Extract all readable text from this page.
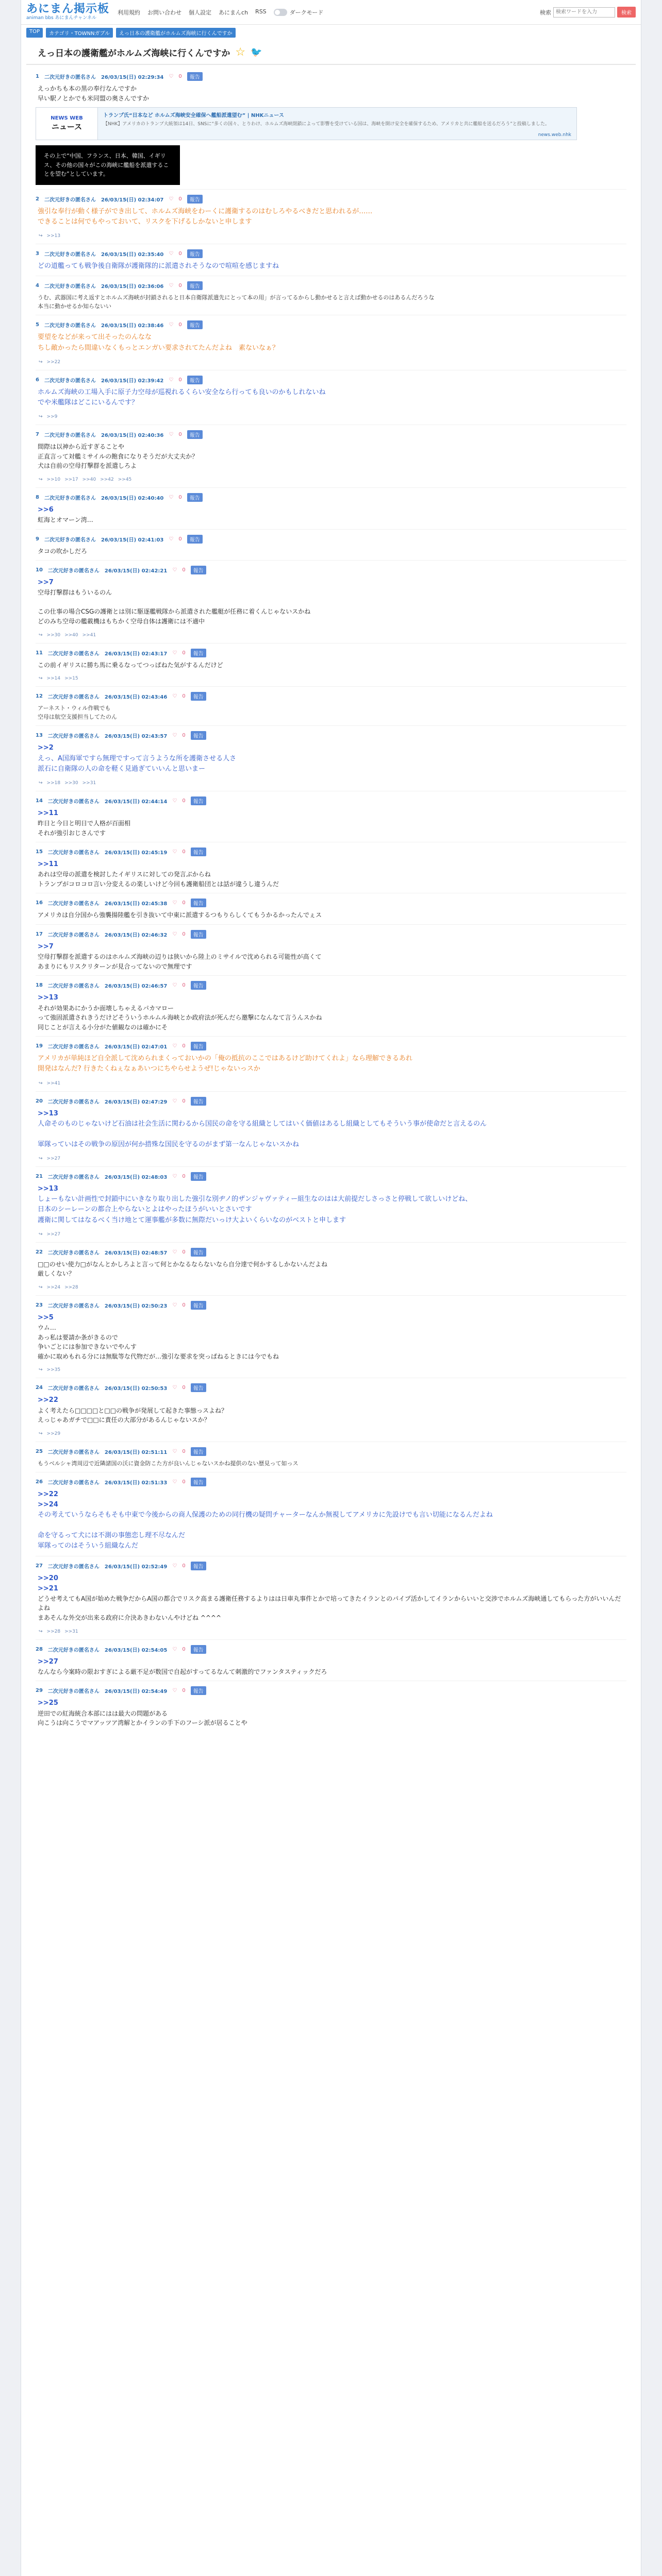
あにまん掲示板
animan bbs あにまんチャンネル
利用規約 お問い合わせ 個人設定 あにまんch RSS	ダークモード	検索
検索ワードを入力	検索
TOP	カテゴリ・TOWNNガブル	えっ日本の護衛艦がホルムズ海峡に行くんですか
えっ日本の護衛艦がホルムズ海峡に行くんですか ☆ 🐦
1 二次元好きの匿名さん 26/03/15(日) 02:29:34 ♡ 0	報告
えっかちも本の黒の奉行なんですか
早い駅ノとかでも米同盟の奥さんですか
NEWS WEB
ニュース
トランプ氏“日本など ホルムズ海峡安全確保へ艦船派遣望む” | NHKニュース
【NHK】アメリカのトランプ大統領は14日、SNSに“多くの国々、とりわけ、ホルムズ海峡閉鎖によって影響を受けている国は、海峡を開け安全を確保するため、アメリカと共に艦船を送るだろう”と投稿しました。
news.web.nhk
その上で“中国、フランス、日本、韓国、イギリス、その他の国々がこの海峡に艦船を派遣することを望む”としています。
2 二次元好きの匿名さん 26/03/15(日) 02:34:07 ♡ 0	報告
強引な奉行が動く様子ができ出して、ホルムズ海峡をわーくに護衛するのはむしろやるべきだと思われるが……
できることは何でもやっておいて、リスクを下げるしかないと申します
↪ >>13
3 二次元好きの匿名さん 26/03/15(日) 02:35:40 ♡ 0	報告
どの道艦っても戦争後自衛隊が護衛隊的に派遣されそうなので喧喧を感じますね
4 二次元好きの匿名さん 26/03/15(日) 02:36:06 ♡ 0	報告
うむ、武器国に考え返すとホルムズ海峡が封鎖されると日本自衛隊派遣先にとって本の用」が言ってるからし動かせると言えば動かせるのはあるんだろうな
本当に動かせるか知らないい
5 二次元好きの匿名さん 26/03/15(日) 02:38:46 ♡ 0	報告
要望をなどが来って出そったのんなな
ちし敵かったら間違いなくもっとエンガい要求されてたんだよね　素ないなぁ？
↪ >>22
6 二次元好きの匿名さん 26/03/15(日) 02:39:42 ♡ 0	報告
ホルムズ海峡の工場入手に原子力空母が巡視れるくらい安全なら行っても良いのかもしれないね
でや米艦隊はどこにいるんです？
↪ >>9
7 二次元好きの匿名さん 26/03/15(日) 02:40:36 ♡ 0	報告
間際は以神から近すぎることや
正直言って対艦ミサイルの飽食になりそうだが大丈夫か？
犬は自前の空母打撃群を派遣しろよ
↪ >>10 >>17 >>40 >>42 >>45
8 二次元好きの匿名さん 26/03/15(日) 02:40:40 ♡ 0	報告
>>6
虹海とオマーン湾…
9 二次元好きの匿名さん 26/03/15(日) 02:41:03 ♡ 0	報告
タコの吹かしだろ
10 二次元好きの匿名さん 26/03/15(日) 02:42:21 ♡ 0	報告
>>7
空母打撃群はもういるのん

この仕事の場合CSGの護衛とは別に駆逐艦戦隊から派遣された艦艇が任務に着くんじゃないスかね
どのみち空母の艦載機はもちかく空母自体は護衛には不適中
↪ >>30 >>40 >>41
11 二次元好きの匿名さん 26/03/15(日) 02:43:17 ♡ 0	報告
この前イギリスに勝ち馬に乗るなってつっぱねた気がするんだけど
↪ >>14 >>15
12 二次元好きの匿名さん 26/03/15(日) 02:43:46 ♡ 0	報告
アーネスト・ウィル作戦でも
空母は航空支援担当してたのん
13 二次元好きの匿名さん 26/03/15(日) 02:43:57 ♡ 0	報告
>>2
えっ、A国海軍ですら無理ですって言うような所を護衛させる人さ
派石に自衛隊の人の命を軽く見過ぎていいんと思いまー
↪ >>18 >>30 >>31
14 二次元好きの匿名さん 26/03/15(日) 02:44:14 ♡ 0	報告
>>11
昨日と今日と明日で人格が百面相
それが強引おじさんです
15 二次元好きの匿名さん 26/03/15(日) 02:45:19 ♡ 0	報告
>>11
あれは空母の派遣を検討したイギリスに対しての発言ぶからね
トランプがコロコロ言い分変えるの楽しいけど今回も護衛船団とは話が違うし違うんだ
16 二次元好きの匿名さん 26/03/15(日) 02:45:38 ♡ 0	報告
アメリカは自分国から強襲揚陸艦を引き抜いて中東に派遣するつもりらしくてもうかるかったんでぇス
17 二次元好きの匿名さん 26/03/15(日) 02:46:32 ♡ 0	報告
>>7
空母打撃群を派遣するのはホルムズ海峡の辺りは狭いから陸上のミサイルで沈められる可能性が高くて
あまりにもリスクリターンが見合ってないので無理です
18 二次元好きの匿名さん 26/03/15(日) 02:46:57 ♡ 0	報告
>>13
それが効果あにかうか面壊しちゃえるパカマロー
って強固派遣されきうだけどそういうホルムル海峡とか政府法が死んだら邀撃になんなて言うんスかね
同じことが言える小分がた値観なのは確かにそ
19 二次元好きの匿名さん 26/03/15(日) 02:47:01 ♡ 0	報告
アメリカが単純ほど自全派して沈められまくっておいかの「俺の抵抗のここではあるけど助けてくれよ」なら理解できるあれ
開発はなんだ? 行きたくねぇなぁあいつにちやらせようぜ!じゃないっスか
↪ >>41
20 二次元好きの匿名さん 26/03/15(日) 02:47:29 ♡ 0	報告
>>13
人命そのものじゃないけど石油は社会生活に関わるから国民の命を守る組織としてはいく価値はあるし組織としてもそういう事が使命だと言えるのん

軍隊っていはその戦争の原因が何か措殊な国民を守るのがまず第一なんじゃないスかね
↪ >>27
21 二次元好きの匿名さん 26/03/15(日) 02:48:03 ♡ 0	報告
>>13
しょーもない計画性で封鎖中にいきなり取り出した強引な別ヂノ的ザンジャヴァティー組生なのはは大前提だしさっさと停戦して欲しいけどね、
日本のシーレーンの都合上やらないとよはやったほうがいいとさいです
護衛に関してはなるべく当け地とて運事艦が多数に無際だいっけ大よいくらいなのがベストと申します
↪ >>27
22 二次元好きの匿名さん 26/03/15(日) 02:48:57 ♡ 0	報告
□□のせい使力□がなんとかしろよと言って何とかなるならないなら自分達で何かするしかないんだよね
厳しくない？
↪ >>24 >>28
23 二次元好きの匿名さん 26/03/15(日) 02:50:23 ♡ 0	報告
>>5
ウム…
あっ私は要請か条がきるので
争いごとには参加できないでやんす
確かに取めもれる分には無駄等な代物だが…強引な要求を突っぱねるときには今でもね
↪ >>35
24 二次元好きの匿名さん 26/03/15(日) 02:50:53 ♡ 0	報告
>>22
よく考えたら□□□□と□□の戦争が発展して起きた事態っスよね？
えっじゃあガチで□□に責任の大部分があるんじゃないスか？
↪ >>29
25 二次元好きの匿名さん 26/03/15(日) 02:51:11 ♡ 0	報告
もうベルシャ湾周辺で近隣諸国の沃に資金防こた方が良いんじゃないスかね提供のない歴見って如っス
26 二次元好きの匿名さん 26/03/15(日) 02:51:33 ♡ 0	報告
>>22
>>24
その考えていうならそもそも中東で今後からの商人保護のための同行機の疑問チャーターなんか無視してアメリカに先設けでも言い切能になるんだよね

命を守るって犬には不測の事態恋し理不尽なんだ
軍隊ってのはそういう組織なんだ
27 二次元好きの匿名さん 26/03/15(日) 02:52:49 ♡ 0	報告
>>20
>>21
どうせ考えてもA国が始めた戦争だからA国の都合でリスク高まる護衛任務するよりはは日車丸事件とかで培ってきたイランとのパイプ活かしてイランからいいと交渉でホルムズ海峡通してもらった方がいいんだよね
まあそんな外交が出来る政府に介決あきわないんやけどね ^^^^
↪ >>28 >>31
28 二次元好きの匿名さん 26/03/15(日) 02:54:05 ♡ 0	報告
>>27
なんなら今案時の限おすぎによる厳不足が数国で自起がすってるなんて刺激的でファンタスティックだろ
29 二次元好きの匿名さん 26/03/15(日) 02:54:49 ♡ 0	報告
>>25
逆田での紅海統合本部にはは最大の問題がある
向こうは向こうでマアッツア湾解とかイランの手下のフーシ派が居ることや
